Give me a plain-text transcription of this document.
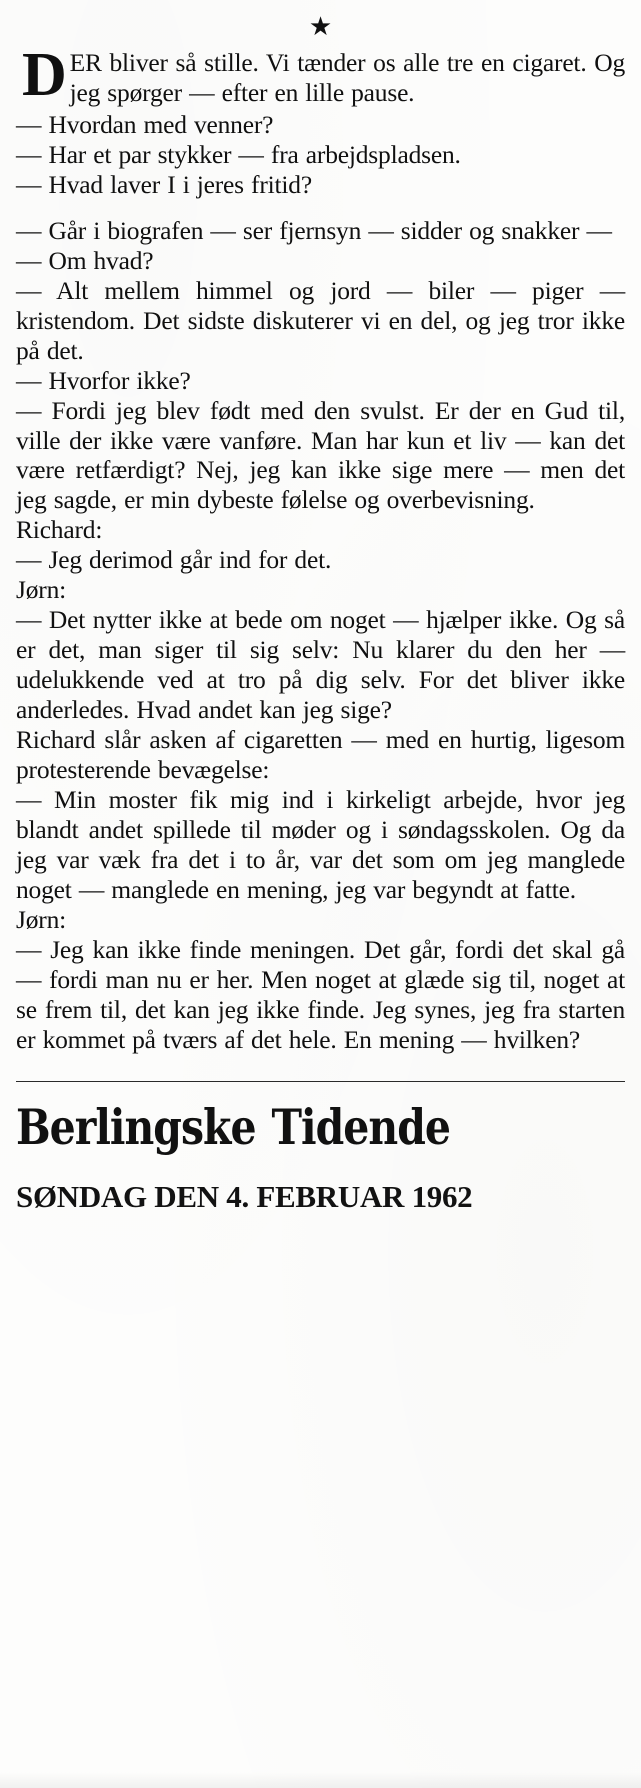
★

DER bliver så stille. Vi tænder os alle tre en cigaret. Og jeg spørger — efter en lille pause.

— Hvordan med venner?

— Har et par stykker — fra arbejdspladsen.

— Hvad laver I i jeres fritid?

— Går i biografen — ser fjernsyn — sidder og snakker —

— Om hvad?

— Alt mellem himmel og jord — biler — piger — kristendom. Det sidste diskuterer vi en del, og jeg tror ikke på det.

— Hvorfor ikke?

— Fordi jeg blev født med den svulst. Er der en Gud til, ville der ikke være vanføre. Man har kun et liv — kan det være retfærdigt? Nej, jeg kan ikke sige mere — men det jeg sagde, er min dybeste følelse og overbevisning.

Richard:

— Jeg derimod går ind for det.

Jørn:

— Det nytter ikke at bede om noget — hjælper ikke. Og så er det, man siger til sig selv: Nu klarer du den her — udelukkende ved at tro på dig selv. For det bliver ikke anderledes. Hvad andet kan jeg sige?

Richard slår asken af cigaretten — med en hurtig, ligesom protesterende bevægelse:

— Min moster fik mig ind i kirkeligt arbejde, hvor jeg blandt andet spillede til møder og i søndagsskolen. Og da jeg var væk fra det i to år, var det som om jeg manglede noget — manglede en mening, jeg var begyndt at fatte.

Jørn:

— Jeg kan ikke finde meningen. Det går, fordi det skal gå — fordi man nu er her. Men noget at glæde sig til, noget at se frem til, det kan jeg ikke finde. Jeg synes, jeg fra starten er kommet på tværs af det hele. En mening — hvilken?

Berlingske Tidende
SØNDAG DEN 4. FEBRUAR 1962
